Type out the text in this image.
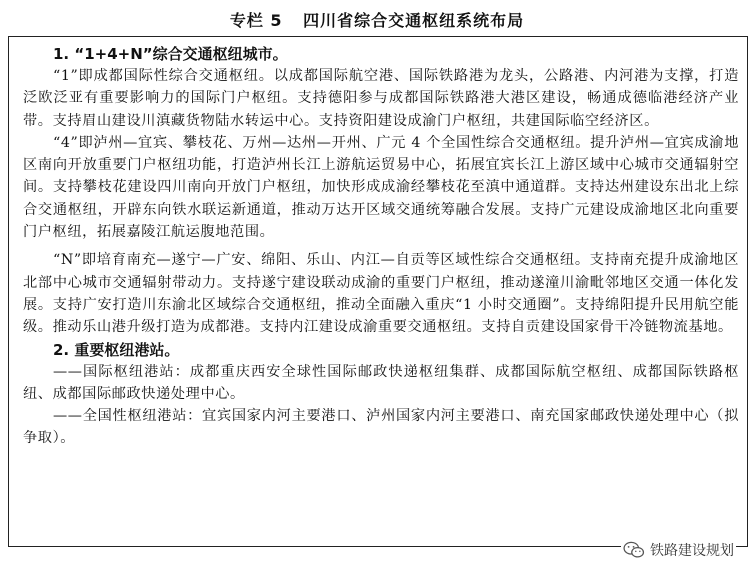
专栏 5 四川省综合交通枢纽系统布局
1. “1+4+N”综合交通枢纽城市。

“1”即成都国际性综合交通枢纽。以成都国际航空港、国际铁路港为龙头，公路港、内河港为支撑，打造泛欧泛亚有重要影响力的国际门户枢纽。支持德阳参与成都国际铁路港大港区建设，畅通成德临港经济产业带。支持眉山建设川滇藏货物陆水转运中心。支持资阳建设成渝门户枢纽，共建国际临空经济区。

“4”即泸州—宜宾、攀枝花、万州—达州—开州、广元 4 个全国性综合交通枢纽。提升泸州—宜宾成渝地区南向开放重要门户枢纽功能，打造泸州长江上游航运贸易中心，拓展宜宾长江上游区域中心城市交通辐射空间。支持攀枝花建设四川南向开放门户枢纽，加快形成成渝经攀枝花至滇中通道群。支持达州建设东出北上综合交通枢纽，开辟东向铁水联运新通道，推动万达开区域交通统筹融合发展。支持广元建设成渝地区北向重要门户枢纽，拓展嘉陵江航运腹地范围。

“N”即培育南充—遂宁—广安、绵阳、乐山、内江—自贡等区域性综合交通枢纽。支持南充提升成渝地区北部中心城市交通辐射带动力。支持遂宁建设联动成渝的重要门户枢纽，推动遂潼川渝毗邻地区交通一体化发展。支持广安打造川东渝北区域综合交通枢纽，推动全面融入重庆“1 小时交通圈”。支持绵阳提升民用航空能级。推动乐山港升级打造为成都港。支持内江建设成渝重要交通枢纽。支持自贡建设国家骨干冷链物流基地。

2. 重要枢纽港站。

——国际枢纽港站：成都重庆西安全球性国际邮政快递枢纽集群、成都国际航空枢纽、成都国际铁路枢纽、成都国际邮政快递处理中心。

——全国性枢纽港站：宜宾国家内河主要港口、泸州国家内河主要港口、南充国家邮政快递处理中心（拟争取）。

铁路建设规划
